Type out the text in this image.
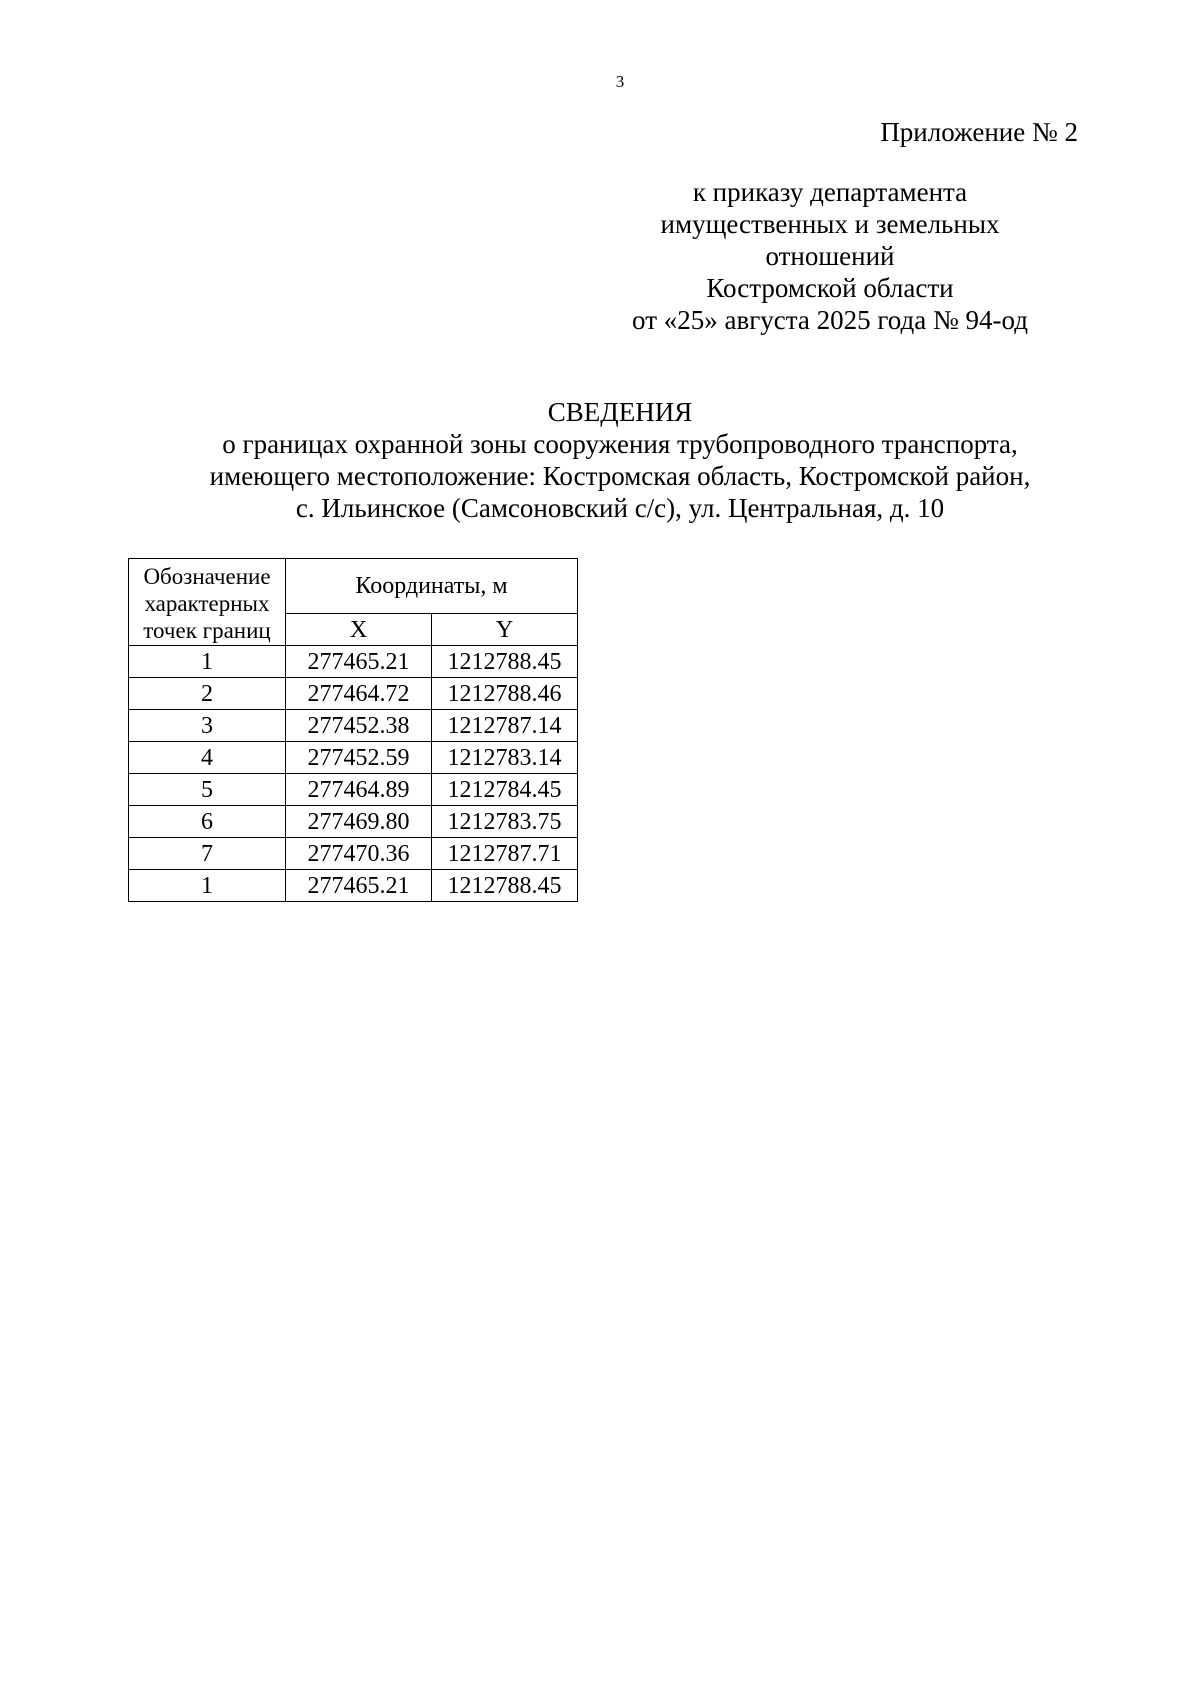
3
Приложение № 2
к приказу департамента
имущественных и земельных
отношений
Костромской области
от «25» августа 2025 года № 94-од
СВЕДЕНИЯ
о границах охранной зоны сооружения трубопроводного транспорта,
имеющего местоположение: Костромская область, Костромской район,
с. Ильинское (Самсоновский с/с), ул. Центральная, д. 10
Обозначение
характерных
точек границ	Координаты, м	
	X	Y
1	277465.21	1212788.45
2	277464.72	1212788.46
3	277452.38	1212787.14
4	277452.59	1212783.14
5	277464.89	1212784.45
6	277469.80	1212783.75
7	277470.36	1212787.71
1	277465.21	1212788.45
